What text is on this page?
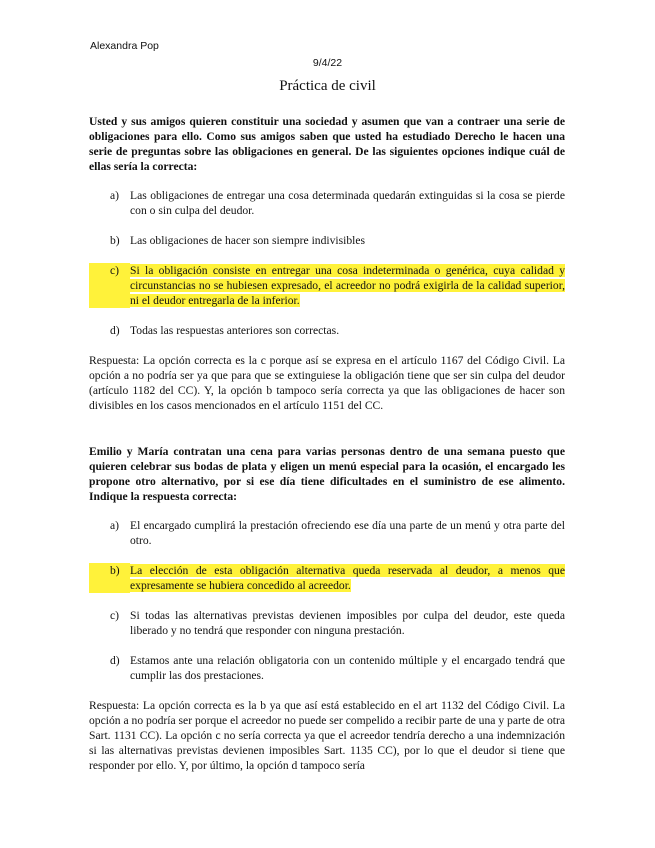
Alexandra Pop
9/4/22
Práctica de civil

Usted y sus amigos quieren constituir una sociedad y asumen que van a contraer una serie de obligaciones para ello. Como sus amigos saben que usted ha estudiado Derecho le hacen una serie de preguntas sobre las obligaciones en general. De las siguientes opciones indique cuál de ellas sería la correcta:

a) Las obligaciones de entregar una cosa determinada quedarán extinguidas si la cosa se pierde con o sin culpa del deudor.
b) Las obligaciones de hacer son siempre indivisibles
c) Si la obligación consiste en entregar una cosa indeterminada o genérica, cuya calidad y circunstancias no se hubiesen expresado, el acreedor no podrá exigirla de la calidad superior, ni el deudor entregarla de la inferior.
d) Todas las respuestas anteriores son correctas.

Respuesta: La opción correcta es la c porque así se expresa en el artículo 1167 del Código Civil. La opción a no podría ser ya que para que se extinguiese la obligación tiene que ser sin culpa del deudor (artículo 1182 del CC). Y, la opción b tampoco sería correcta ya que las obligaciones de hacer son divisibles en los casos mencionados en el artículo 1151 del CC.

Emilio y María contratan una cena para varias personas dentro de una semana puesto que quieren celebrar sus bodas de plata y eligen un menú especial para la ocasión, el encargado les propone otro alternativo, por si ese día tiene dificultades en el suministro de ese alimento. Indique la respuesta correcta:

a) El encargado cumplirá la prestación ofreciendo ese día una parte de un menú y otra parte del otro.
b) La elección de esta obligación alternativa queda reservada al deudor, a menos que expresamente se hubiera concedido al acreedor.
c) Si todas las alternativas previstas devienen imposibles por culpa del deudor, este queda liberado y no tendrá que responder con ninguna prestación.
d) Estamos ante una relación obligatoria con un contenido múltiple y el encargado tendrá que cumplir las dos prestaciones.

Respuesta: La opción correcta es la b ya que así está establecido en el art 1132 del Código Civil. La opción a no podría ser porque el acreedor no puede ser compelido a recibir parte de una y parte de otra Sart. 1131 CC). La opción c no sería correcta ya que el acreedor tendría derecho a una indemnización si las alternativas previstas devienen imposibles Sart. 1135 CC), por lo que el deudor si tiene que responder por ello. Y, por último, la opción d tampoco sería
